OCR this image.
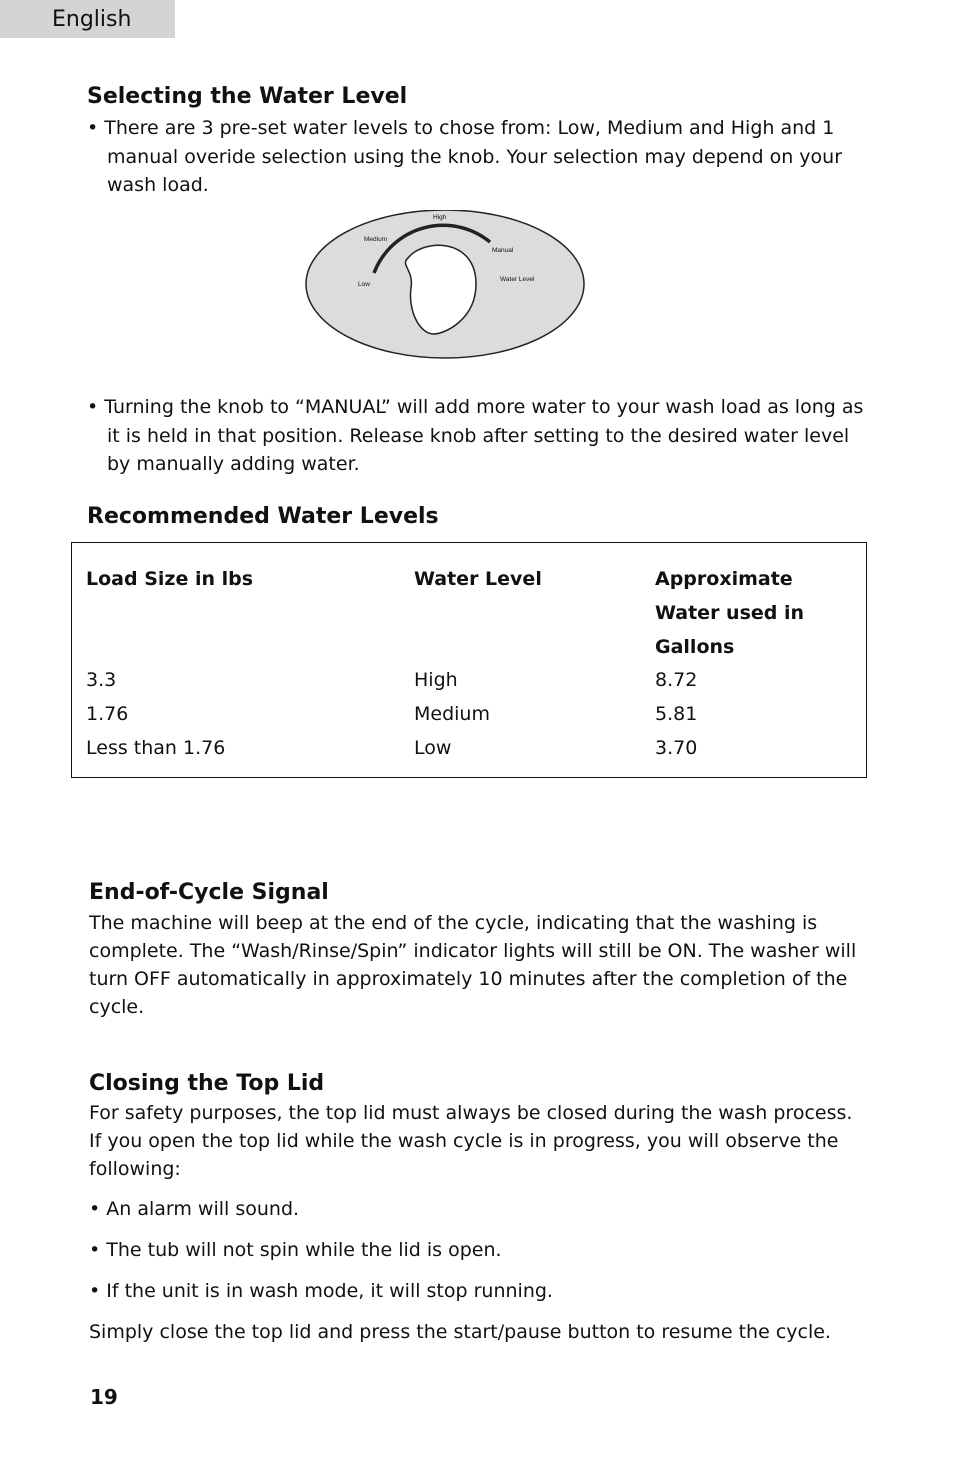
English
Selecting the Water Level

• There are 3 pre-set water levels to chose from: Low, Medium and High and 1 manual overide selection using the knob. Your selection may depend on your wash load.

High
Medium
Low
Manual
Water Level

• Turning the knob to “MANUAL” will add more water to your wash load as long as it is held in that position. Release knob after setting to the desired water level by manually adding water.

Recommended Water Levels
Load Size in lbs	Water Level	Approximate
Water used in
Gallons
3.3	High	8.72
1.76	Medium	5.81
Less than 1.76	Low	3.70
End-of-Cycle Signal

The machine will beep at the end of the cycle, indicating that the washing is complete. The “Wash/Rinse/Spin” indicator lights will still be ON. The washer will turn OFF automatically in approximately 10 minutes after the completion of the cycle.

Closing the Top Lid

For safety purposes, the top lid must always be closed during the wash process. If you open the top lid while the wash cycle is in progress, you will observe the following:

• An alarm will sound.

• The tub will not spin while the lid is open.

• If the unit is in wash mode, it will stop running.

Simply close the top lid and press the start/pause button to resume the cycle.

19
